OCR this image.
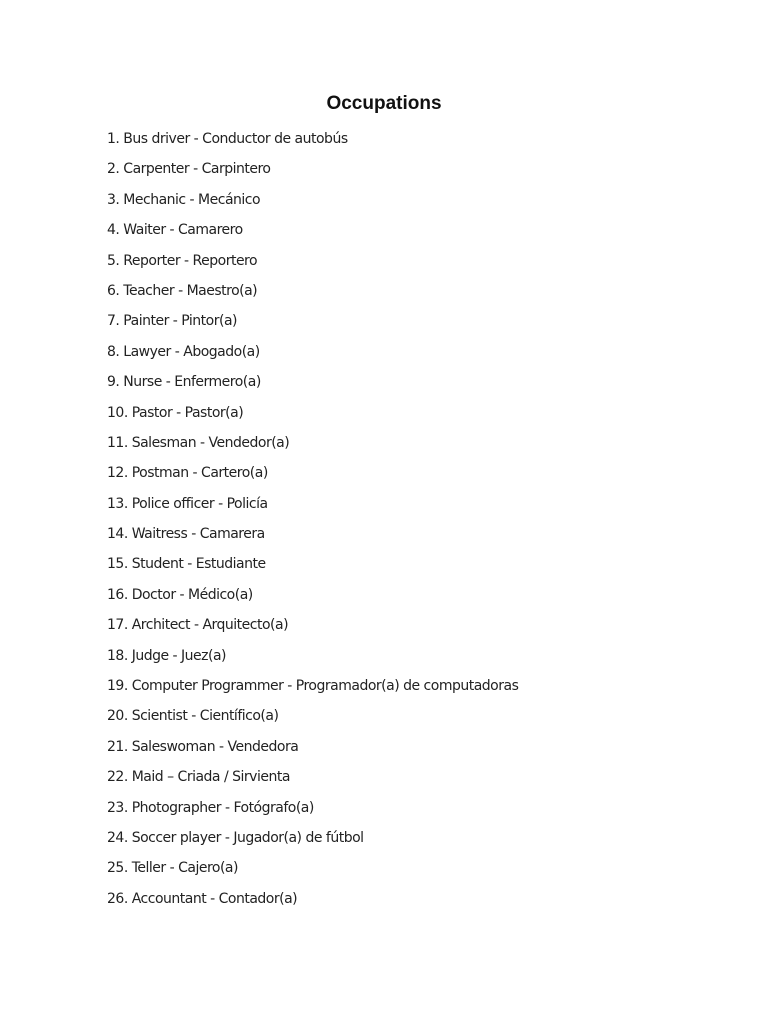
Occupations
1. Bus driver - Conductor de autobús
2. Carpenter - Carpintero
3. Mechanic - Mecánico
4. Waiter - Camarero
5. Reporter - Reportero
6. Teacher - Maestro(a)
7. Painter - Pintor(a)
8. Lawyer - Abogado(a)
9. Nurse - Enfermero(a)
10. Pastor - Pastor(a)
11. Salesman - Vendedor(a)
12. Postman - Cartero(a)
13. Police officer - Policía
14. Waitress - Camarera
15. Student - Estudiante
16. Doctor - Médico(a)
17. Architect - Arquitecto(a)
18. Judge - Juez(a)
19. Computer Programmer - Programador(a) de computadoras
20. Scientist - Científico(a)
21. Saleswoman - Vendedora
22. Maid – Criada / Sirvienta
23. Photographer - Fotógrafo(a)
24. Soccer player - Jugador(a) de fútbol
25. Teller - Cajero(a)
26. Accountant - Contador(a)
